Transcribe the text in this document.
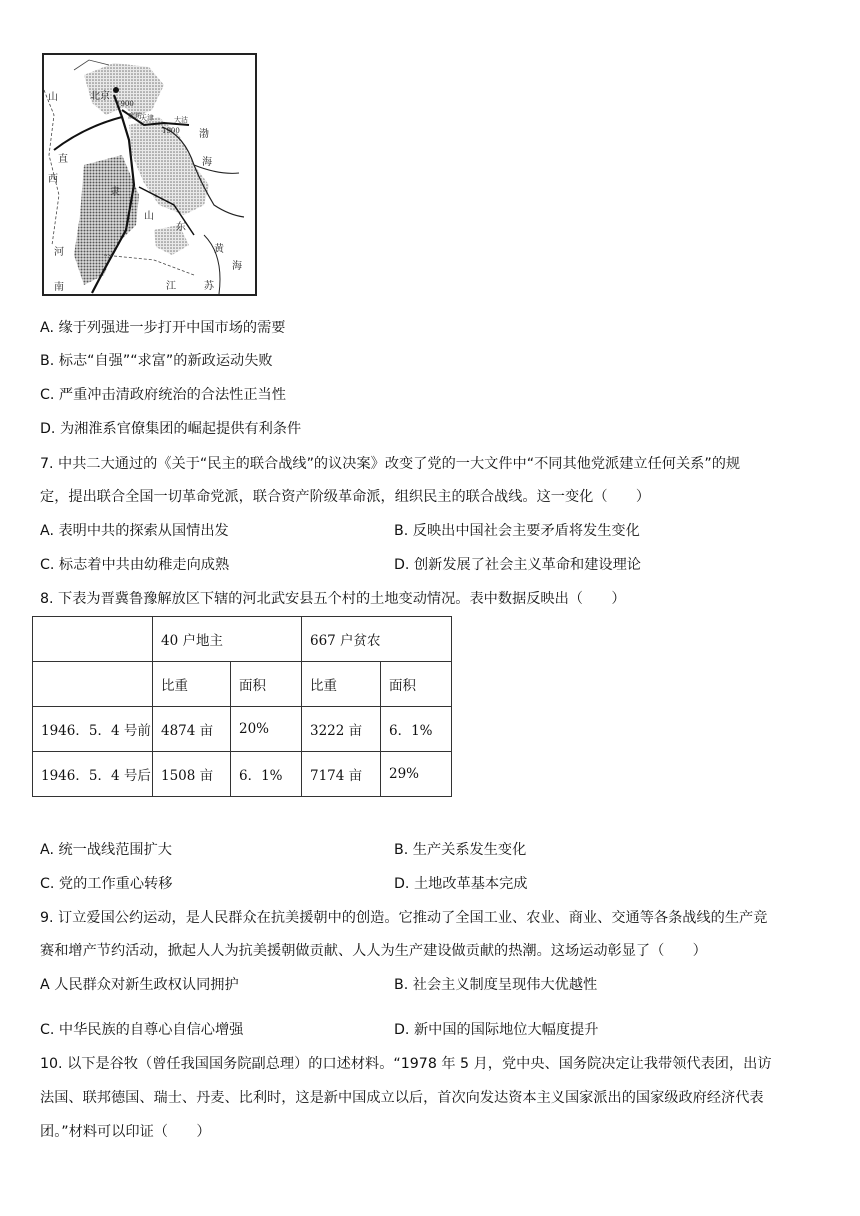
北京
山
西
直
隶
河
南
山
东
江	苏
渤
海
黄
海
天津	大沽
廊坊
1900
1900
A. 缘于列强进一步打开中国市场的需要
B. 标志“自强”“求富”的新政运动失败
C. 严重冲击清政府统治的合法性正当性
D. 为湘淮系官僚集团的崛起提供有利条件
7. 中共二大通过的《关于“民主的联合战线”的议决案》改变了党的一大文件中“不同其他党派建立任何关系”的规
定，提出联合全国一切革命党派，联合资产阶级革命派，组织民主的联合战线。这一变化（　　）
A. 表明中共的探索从国情出发	B. 反映出中国社会主要矛盾将发生变化
C. 标志着中共由幼稚走向成熟	D. 创新发展了社会主义革命和建设理论
8. 下表为晋冀鲁豫解放区下辖的河北武安县五个村的土地变动情况。表中数据反映出（　　）
	40 户地主		667 户贫农	
	比重	面积	比重	面积
1946．5．4 号前	4874 亩	20%	3222 亩	6．1%
1946．5．4 号后	1508 亩	6．1%	7174 亩	29%
A. 统一战线范围扩大	B. 生产关系发生变化
C. 党的工作重心转移	D. 土地改革基本完成
9. 订立爱国公约运动，是人民群众在抗美援朝中的创造。它推动了全国工业、农业、商业、交通等各条战线的生产竞
赛和增产节约活动，掀起人人为抗美援朝做贡献、人人为生产建设做贡献的热潮。这场运动彰显了（　　）
A 人民群众对新生政权认同拥护	B. 社会主义制度呈现伟大优越性
C. 中华民族的自尊心自信心增强	D. 新中国的国际地位大幅度提升
10. 以下是谷牧（曾任我国国务院副总理）的口述材料。“1978 年 5 月，党中央、国务院决定让我带领代表团，出访
法国、联邦德国、瑞士、丹麦、比利时，这是新中国成立以后，首次向发达资本主义国家派出的国家级政府经济代表
团。”材料可以印证（　　）
